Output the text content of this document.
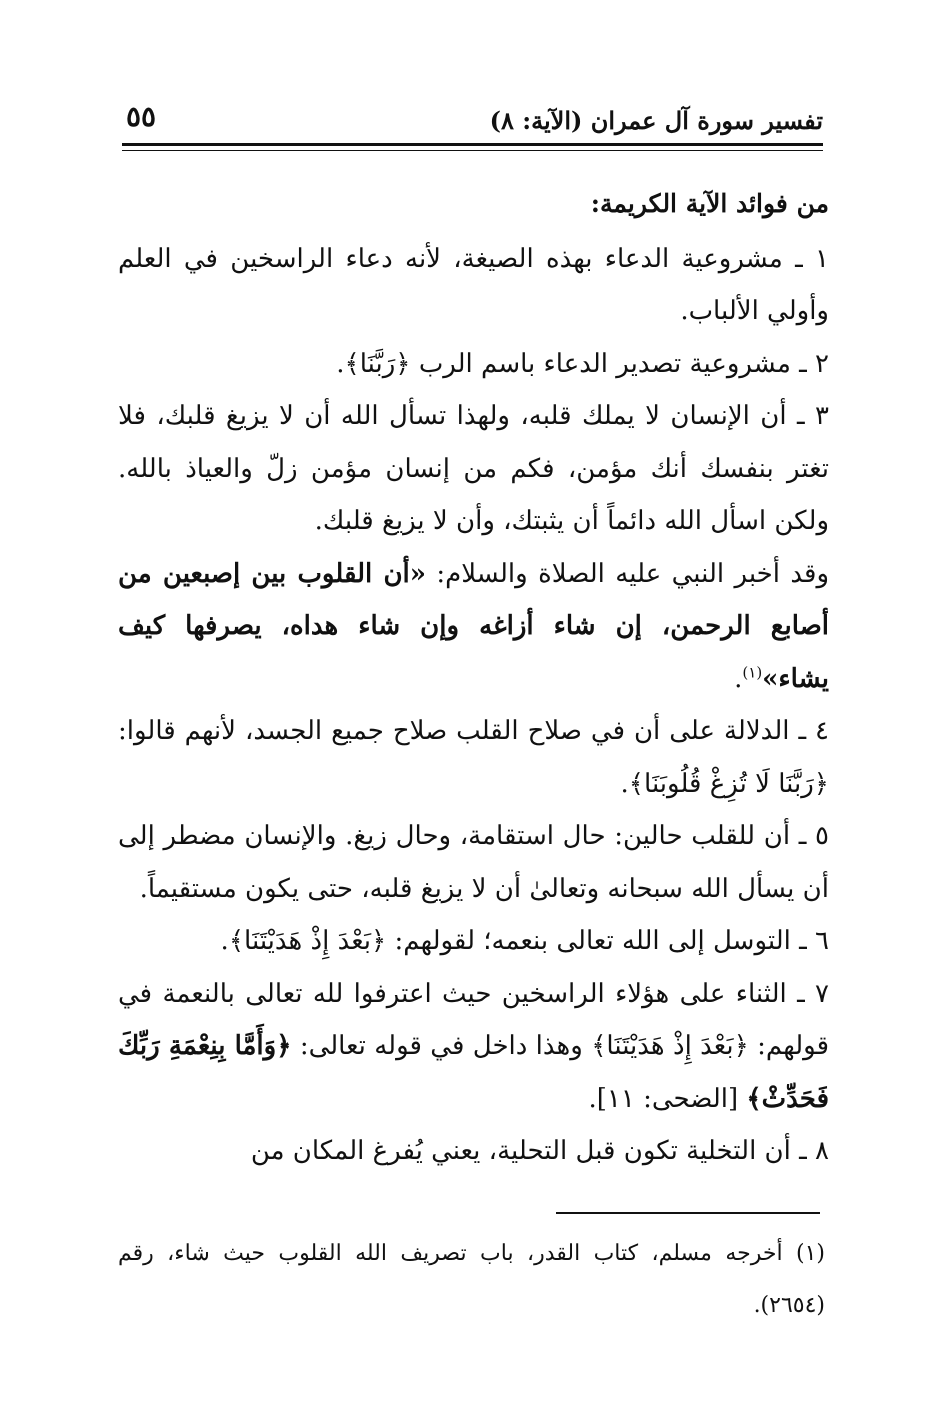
تفسير سورة آل عمران (الآية: ٨)
٥٥

من فوائد الآية الكريمة:

١ ـ مشروعية الدعاء بهذه الصيغة، لأنه دعاء الراسخين في العلم وأولي الألباب.

٢ ـ مشروعية تصدير الدعاء باسم الرب ﴿رَبَّنَا﴾.

٣ ـ أن الإنسان لا يملك قلبه، ولهذا تسأل الله أن لا يزيغ قلبك، فلا تغتر بنفسك أنك مؤمن، فكم من إنسان مؤمن زلّ والعياذ بالله. ولكن اسأل الله دائماً أن يثبتك، وأن لا يزيغ قلبك.

وقد أخبر النبي عليه الصلاة والسلام: «أن القلوب بين إصبعين من أصابع الرحمن، إن شاء أزاغه وإن شاء هداه، يصرفها كيف يشاء»$^{(١)}$.

٤ ـ الدلالة على أن في صلاح القلب صلاح جميع الجسد، لأنهم قالوا: ﴿رَبَّنَا لَا تُزِغْ قُلُوبَنَا﴾.

٥ ـ أن للقلب حالين: حال استقامة، وحال زيغ. والإنسان مضطر إلى أن يسأل الله سبحانه وتعالىٰ أن لا يزيغ قلبه، حتى يكون مستقيماً.

٦ ـ التوسل إلى الله تعالى بنعمه؛ لقولهم: ﴿بَعْدَ إِذْ هَدَيْتَنَا﴾.

٧ ـ الثناء على هؤلاء الراسخين حيث اعترفوا لله تعالى بالنعمة في قولهم: ﴿بَعْدَ إِذْ هَدَيْتَنَا﴾ وهذا داخل في قوله تعالى: ﴿وَأَمَّا بِنِعْمَةِ رَبِّكَ فَحَدِّثْ﴾ [الضحى: ١١].

٨ ـ أن التخلية تكون قبل التحلية، يعني يُفرغ المكان من

(١) أخرجه مسلم، كتاب القدر، باب تصريف الله القلوب حيث شاء، رقم (٢٦٥٤).
